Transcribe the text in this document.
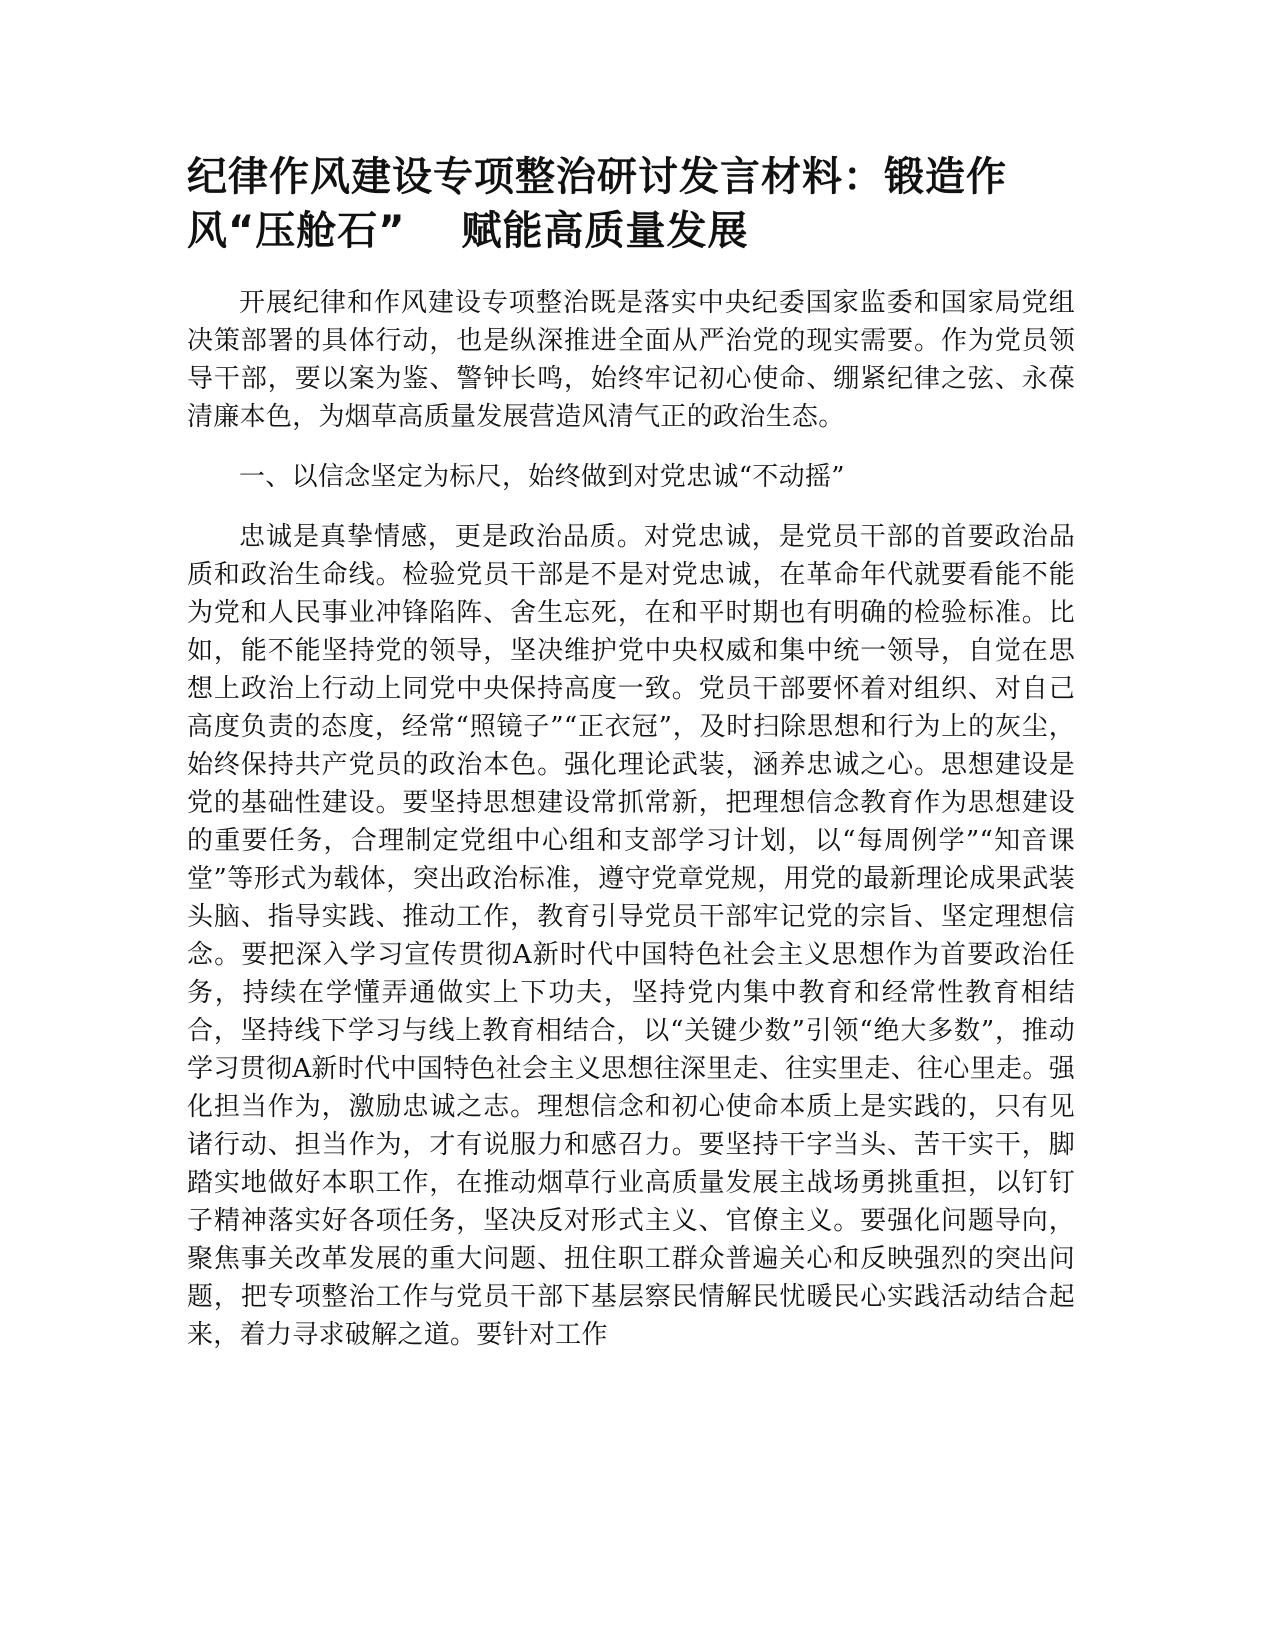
纪律作风建设专项整治研讨发言材料：锻造作
风“压舱石”　 赋能高质量发展

开展纪律和作风建设专项整治既是落实中央纪委国家监委和国家局党组决策部署的具体行动，也是纵深推进全面从严治党的现实需要。作为党员领导干部，要以案为鉴、警钟长鸣，始终牢记初心使命、绷紧纪律之弦、永葆清廉本色，为烟草高质量发展营造风清气正的政治生态。

一、以信念坚定为标尺，始终做到对党忠诚“不动摇”

忠诚是真挚情感，更是政治品质。对党忠诚，是党员干部的首要政治品质和政治生命线。检验党员干部是不是对党忠诚，在革命年代就要看能不能为党和人民事业冲锋陷阵、舍生忘死，在和平时期也有明确的检验标准。比如，能不能坚持党的领导，坚决维护党中央权威和集中统一领导，自觉在思想上政治上行动上同党中央保持高度一致。党员干部要怀着对组织、对自己高度负责的态度，经常“照镜子”“正衣冠”，及时扫除思想和行为上的灰尘，始终保持共产党员的政治本色。强化理论武装，涵养忠诚之心。思想建设是党的基础性建设。要坚持思想建设常抓常新，把理想信念教育作为思想建设的重要任务，合理制定党组中心组和支部学习计划，以“每周例学”“知音课堂”等形式为载体，突出政治标准，遵守党章党规，用党的最新理论成果武装头脑、指导实践、推动工作，教育引导党员干部牢记党的宗旨、坚定理想信念。要把深入学习宣传贯彻A新时代中国特色社会主义思想作为首要政治任务，持续在学懂弄通做实上下功夫，坚持党内集中教育和经常性教育相结合，坚持线下学习与线上教育相结合，以“关键少数”引领“绝大多数”，推动学习贯彻A新时代中国特色社会主义思想往深里走、往实里走、往心里走。强化担当作为，激励忠诚之志。理想信念和初心使命本质上是实践的，只有见诸行动、担当作为，才有说服力和感召力。要坚持干字当头、苦干实干，脚踏实地做好本职工作，在推动烟草行业高质量发展主战场勇挑重担，以钉钉子精神落实好各项任务，坚决反对形式主义、官僚主义。要强化问题导向，聚焦事关改革发展的重大问题、扭住职工群众普遍关心和反映强烈的突出问题，把专项整治工作与党员干部下基层察民情解民忧暖民心实践活动结合起来，着力寻求破解之道。要针对工作
